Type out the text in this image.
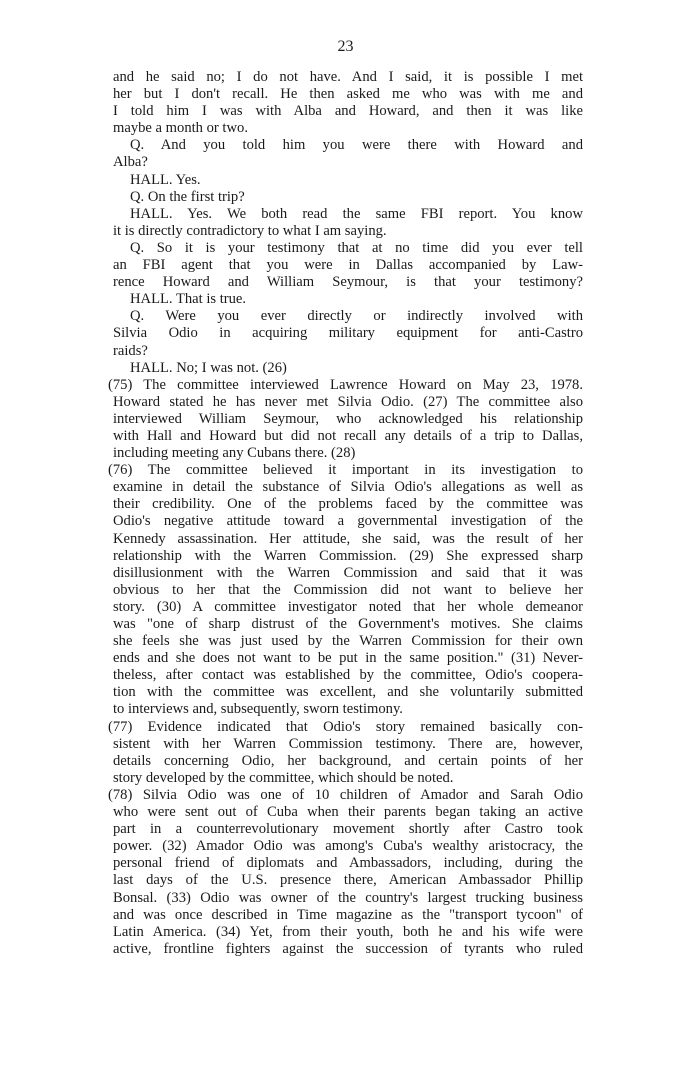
23
and he said no; I do not have. And I said, it is possible I met
her but I don't recall. He then asked me who was with me and
I told him I was with Alba and Howard, and then it was like
maybe a month or two.
Q. And you told him you were there with Howard and
Alba?
HALL. Yes.
Q. On the first trip?
HALL. Yes. We both read the same FBI report. You know
it is directly contradictory to what I am saying.
Q. So it is your testimony that at no time did you ever tell
an FBI agent that you were in Dallas accompanied by Law-
rence Howard and William Seymour, is that your testimony?
HALL. That is true.
Q. Were you ever directly or indirectly involved with
Silvia Odio in acquiring military equipment for anti-Castro
raids?
HALL. No; I was not. (26)
(75) The committee interviewed Lawrence Howard on May 23, 1978.
Howard stated he has never met Silvia Odio. (27) The committee also
interviewed William Seymour, who acknowledged his relationship
with Hall and Howard but did not recall any details of a trip to Dallas,
including meeting any Cubans there. (28)
(76) The committee believed it important in its investigation to
examine in detail the substance of Silvia Odio's allegations as well as
their credibility. One of the problems faced by the committee was
Odio's negative attitude toward a governmental investigation of the
Kennedy assassination. Her attitude, she said, was the result of her
relationship with the Warren Commission. (29) She expressed sharp
disillusionment with the Warren Commission and said that it was
obvious to her that the Commission did not want to believe her
story. (30) A committee investigator noted that her whole demeanor
was "one of sharp distrust of the Government's motives. She claims
she feels she was just used by the Warren Commission for their own
ends and she does not want to be put in the same position." (31) Never-
theless, after contact was established by the committee, Odio's coopera-
tion with the committee was excellent, and she voluntarily submitted
to interviews and, subsequently, sworn testimony.
(77) Evidence indicated that Odio's story remained basically con-
sistent with her Warren Commission testimony. There are, however,
details concerning Odio, her background, and certain points of her
story developed by the committee, which should be noted.
(78) Silvia Odio was one of 10 children of Amador and Sarah Odio
who were sent out of Cuba when their parents began taking an active
part in a counterrevolutionary movement shortly after Castro took
power. (32) Amador Odio was among's Cuba's wealthy aristocracy, the
personal friend of diplomats and Ambassadors, including, during the
last days of the U.S. presence there, American Ambassador Phillip
Bonsal. (33) Odio was owner of the country's largest trucking business
and was once described in Time magazine as the "transport tycoon" of
Latin America. (34) Yet, from their youth, both he and his wife were
active, frontline fighters against the succession of tyrants who ruled
